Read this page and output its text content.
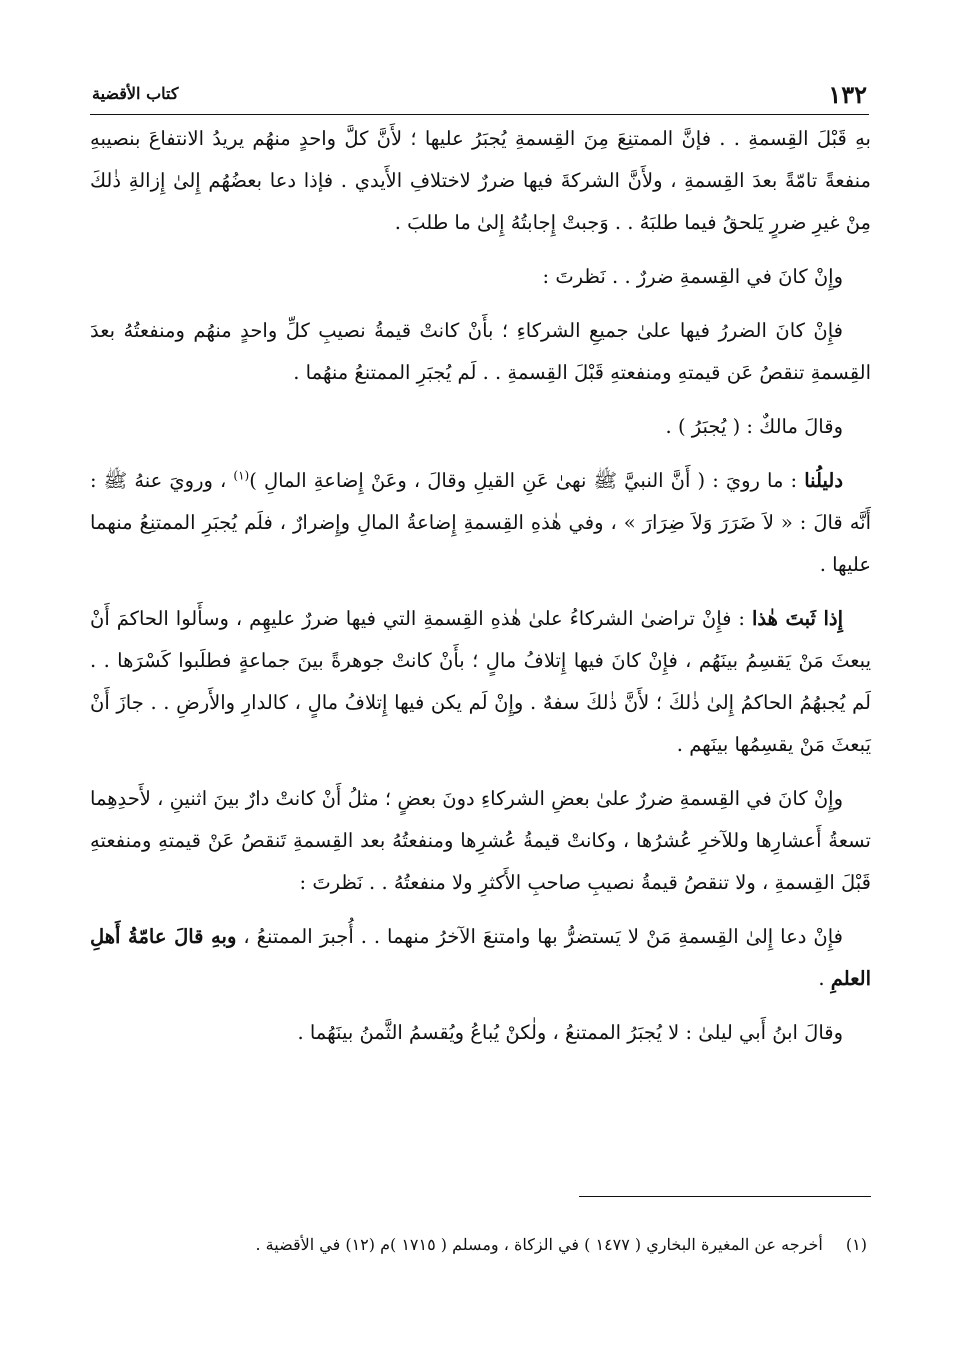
١٣٢
كتاب الأقضية

بهِ قَبْلَ القِسمةِ . . فإنَّ الممتنِعَ مِنَ القِسمةِ يُجبَرُ عليها ؛ لأَنَّ كلَّ واحدٍ منهُم يريدُ الانتفاعَ بنصيبهِ منفعةً تامّةً بعدَ القِسمةِ ، ولأَنَّ الشركةَ فيها ضررٌ لاختلافِ الأَيدي . فإذا دعا بعضُهُم إِلىٰ إِزالةِ ذٰلكَ مِنْ غيرِ ضررٍ يَلحقُ فيما طلبَهُ . . وَجبتْ إِجابتُهُ إِلىٰ ما طلبَ .

وإِنْ كانَ في القِسمةِ ضررٌ . . نَظرتَ :

فإِنْ كانَ الضررُ فيها علىٰ جميعِ الشركاءِ ؛ بأَنْ كانتْ قيمةُ نصيبِ كلِّ واحدٍ منهُم ومنفعتُهُ بعدَ القِسمةِ تنقصُ عَن قيمتهِ ومنفعتهِ قَبْلَ القِسمةِ . . لَم يُجبَرِ الممتنعُ منهُما .

وقالَ مالكٌ : ( يُجبَرُ ) .

دليلُنا : ما رويَ : ( أَنَّ النبيَّ ﷺ نهىٰ عَنِ القيلِ وقالَ ، وعَنْ إِضاعةِ المالِ )$^{(١)}$ ، ورويَ عنهُ ﷺ : أَنَّه قالَ : « لاَ ضَرَرَ وَلاَ ضِرَارَ » ، وفي هٰذهِ القِسمةِ إِضاعةُ المالِ وإِضرارٌ ، فلَم يُجبَرِ الممتنِعُ منهما عليها .

إِذا ثَبتَ هٰذا : فإِنْ تراضىٰ الشركاءُ علىٰ هٰذهِ القِسمةِ التي فيها ضررٌ عليهِم ، وسأَلوا الحاكمَ أَنْ يبعثَ مَنْ يَقسِمُ بينَهُم ، فإِنْ كانَ فيها إِتلافُ مالٍ ؛ بأَنْ كانتْ جوهرةً بينَ جماعةٍ فطلَبوا كَسْرَها . . لَم يُجبهُمُ الحاكمُ إِلىٰ ذٰلكَ ؛ لأَنَّ ذٰلكَ سفهٌ . وإِنْ لَم يكن فيها إِتلافُ مالٍ ، كالدارِ والأَرضِ . . جازَ أَنْ يَبعثَ مَنْ يقسِمُها بينَهم .

وإِنْ كانَ في القِسمةِ ضررٌ علىٰ بعضِ الشركاءِ دونَ بعضٍ ؛ مثلُ أَنْ كانتْ دارٌ بينَ اثنينِ ، لأَحدِهِما تسعةُ أَعشارِها وللآخرِ عُشرُها ، وكانتْ قيمةُ عُشرِها ومنفعتُهُ بعد القِسمةِ تَنقصُ عَنْ قيمتهِ ومنفعتهِ قَبْلَ القِسمةِ ، ولا تنقصُ قيمةُ نصيبِ صاحبِ الأَكثرِ ولا منفعتُهُ . . نَظرتَ :

فإِنْ دعا إِلىٰ القِسمةِ مَنْ لا يَستضرُّ بها وامتنعَ الآخرُ منهما . . أُجبرَ الممتنعُ ، وبهِ قالَ عامّةُ أَهلِ العلمِ .

وقالَ ابنُ أَبي ليلىٰ : لا يُجبَرُ الممتنعُ ، ولٰكنْ يُباعُ ويُقسمُ الثَّمنُ بينَهُما .

(١) أخرجه عن المغيرة البخاري ( ١٤٧٧ ) في الزكاة ، ومسلم ( ١٧١٥ )م (١٢) في الأقضية .
